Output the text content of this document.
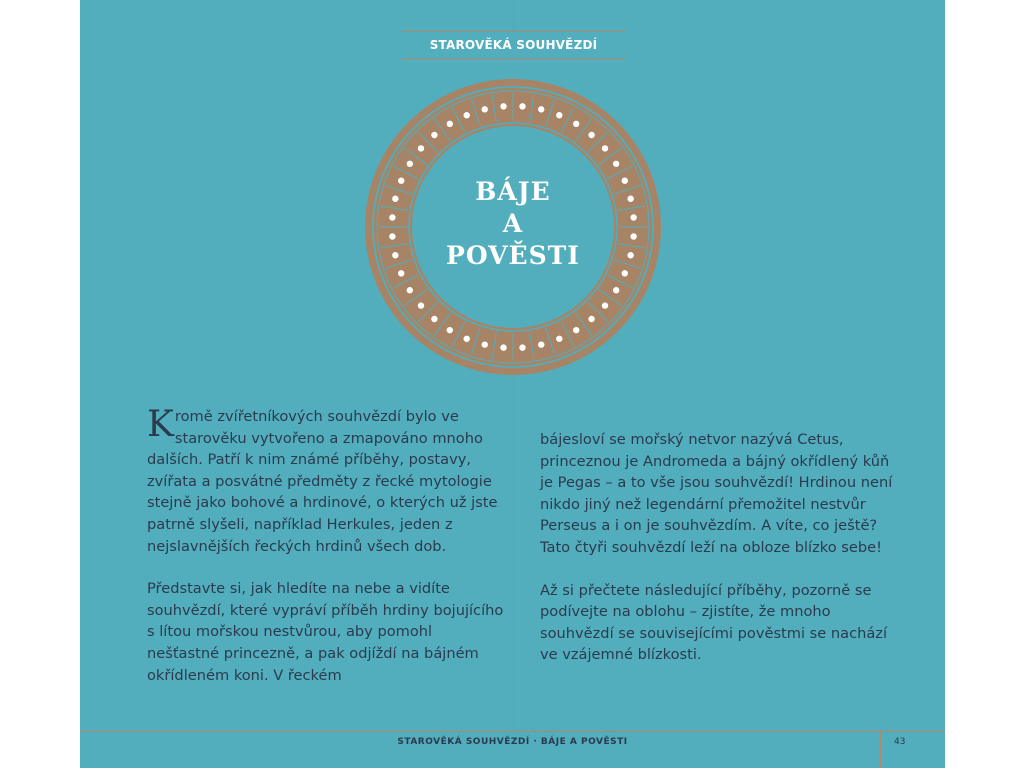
STAROVĚKÁ SOUHVĚZDÍ
BÁJE
A
POVĚSTI

Kromě zvířetníkových souhvězdí bylo ve starověku vytvořeno a zmapováno mnoho dalších. Patří k nim známé příběhy, postavy, zvířata a posvátné předměty z řecké mytologie stejně jako bohové a hrdinové, o kterých už jste patrně slyšeli, například Herkules, jeden z nejslavnějších řeckých hrdinů všech dob.

Představte si, jak hledíte na nebe a vidíte souhvězdí, které vypráví příběh hrdiny bojujícího s lítou mořskou nestvůrou, aby pomohl nešťastné princezně, a pak odjíždí na bájném okřídleném koni. V řeckém

bájesloví se mořský netvor nazývá Cetus, princeznou je Andromeda a bájný okřídlený kůň je Pegas – a to vše jsou souhvězdí! Hrdinou není nikdo jiný než legendární přemožitel nestvůr Perseus a i on je souhvězdím. A víte, co ještě? Tato čtyři souhvězdí leží na obloze blízko sebe!

Až si přečtete následující příběhy, pozorně se podívejte na oblohu – zjistíte, že mnoho souhvězdí se souvisejícími pověstmi se nachází ve vzájemné blízkosti.

STAROVĚKÁ SOUHVĚZDÍ · BÁJE A POVĚSTI	43
